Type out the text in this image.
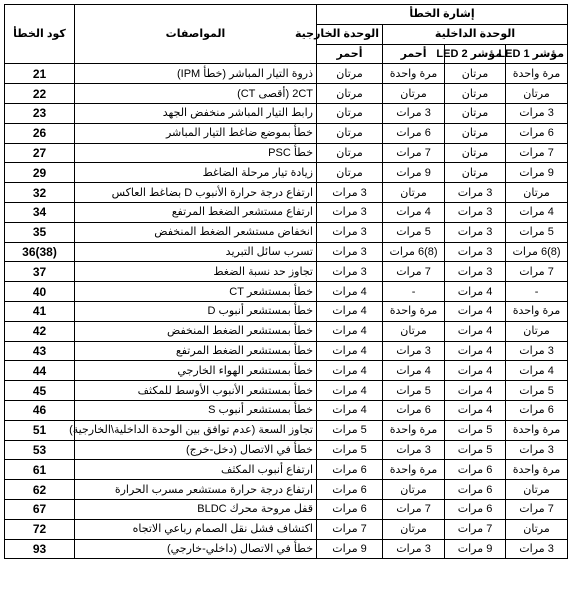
إشارة الخطأ				المواصفات	كود الخطأ
الوحدة الداخلية			الوحدة الخارجية		
مؤشر LED 1	مؤشر LED 2	أحمر	أحمر		
مرة واحدة	مرتان	مرة واحدة	مرتان	ذروة التيار المباشر (خطأ IPM)	21
مرتان	مرتان	مرتان	مرتان	2CT (أقصى CT)	22
3 مرات	مرتان	3 مرات	مرتان	رابط التيار المباشر منخفض الجهد	23
6 مرات	مرتان	6 مرات	مرتان	خطأ بموضع ضاغط التيار المباشر	26
7 مرات	مرتان	7 مرات	مرتان	خطأ PSC	27
9 مرات	مرتان	9 مرات	مرتان	زيادة تيار مرحلة الضاغط	29
مرتان	3 مرات	مرتان	3 مرات	ارتفاع درجة حرارة الأنبوب D بضاغط العاكس	32
4 مرات	3 مرات	4 مرات	3 مرات	ارتفاع مستشعر الضغط المرتفع	34
5 مرات	3 مرات	5 مرات	3 مرات	انخفاض مستشعر الضغط المنخفض	35
(8)6 مرات	3 مرات	(8)6 مرات	3 مرات	تسرب سائل التبريد	36(38)
7 مرات	3 مرات	7 مرات	3 مرات	تجاوز حد نسبة الضغط	37
-	4 مرات	-	4 مرات	خطأ بمستشعر CT	40
مرة واحدة	4 مرات	مرة واحدة	4 مرات	خطأ بمستشعر أنبوب D	41
مرتان	4 مرات	مرتان	4 مرات	خطأ بمستشعر الضغط المنخفض	42
3 مرات	4 مرات	3 مرات	4 مرات	خطأ بمستشعر الضغط المرتفع	43
4 مرات	4 مرات	4 مرات	4 مرات	خطأ بمستشعر الهواء الخارجي	44
5 مرات	4 مرات	5 مرات	4 مرات	خطأ بمستشعر الأنبوب الأوسط للمكثف	45
6 مرات	4 مرات	6 مرات	4 مرات	خطأ بمستشعر أنبوب S	46
مرة واحدة	5 مرات	مرة واحدة	5 مرات	تجاوز السعة (عدم توافق بين الوحدة الداخلية\الخارجية)	51
3 مرات	5 مرات	3 مرات	5 مرات	خطأ في الاتصال (دخل-خرج)	53
مرة واحدة	6 مرات	مرة واحدة	6 مرات	ارتفاع أنبوب المكثف	61
مرتان	6 مرات	مرتان	6 مرات	ارتفاع درجة حرارة مستشعر مسرب الحرارة	62
7 مرات	6 مرات	7 مرات	6 مرات	قفل مروحة محرك BLDC	67
مرتان	7 مرات	مرتان	7 مرات	اكتشاف فشل نقل الصمام رباعي الاتجاه	72
3 مرات	9 مرات	3 مرات	9 مرات	خطأ في الاتصال (داخلي-خارجي)	93
